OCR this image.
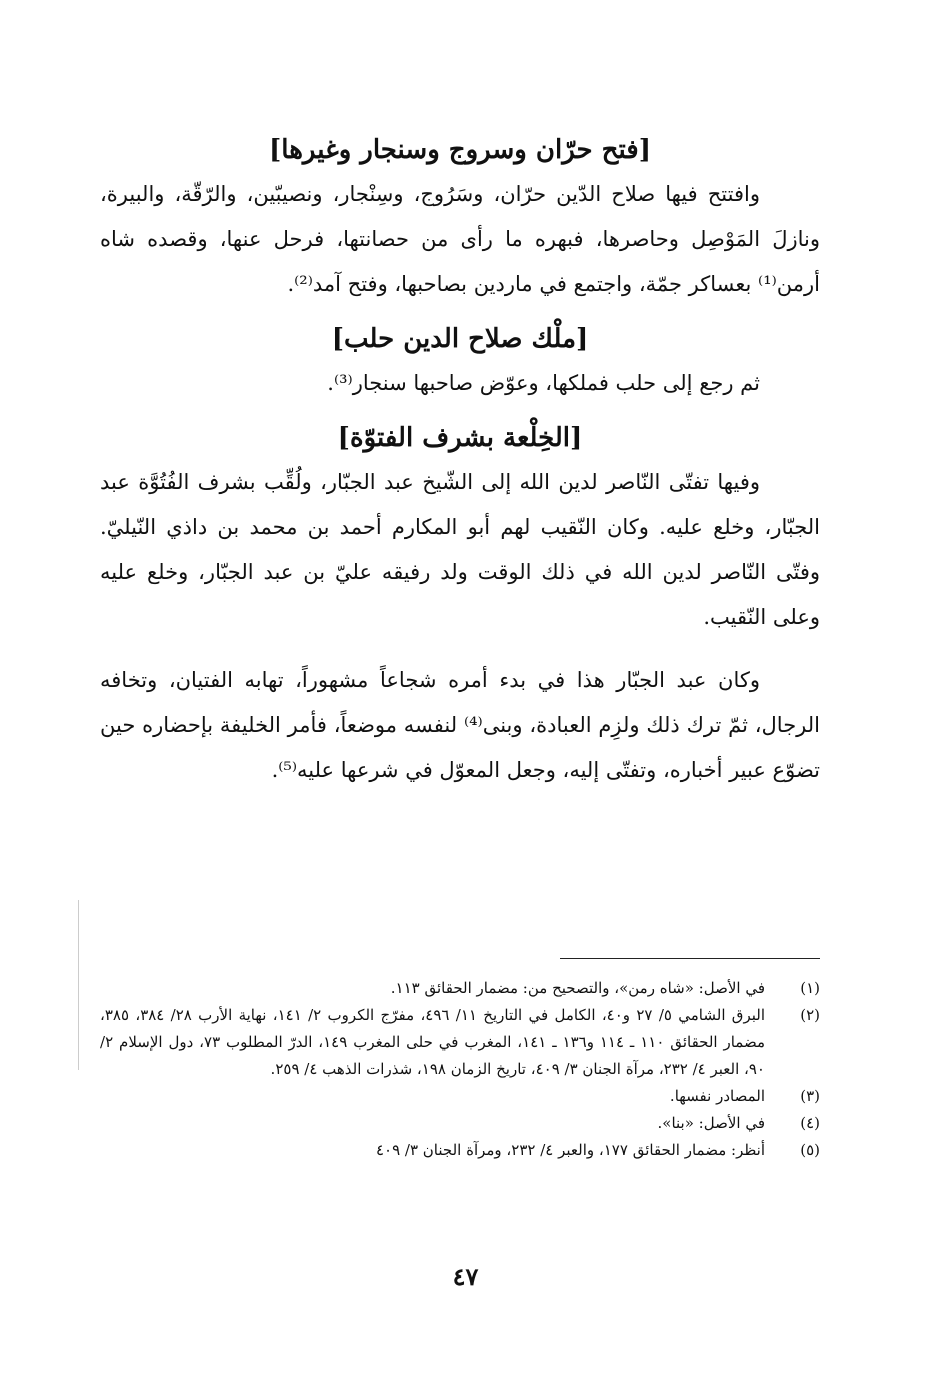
[فتح حرّان وسروج وسنجار وغيرها]

وافتتح فيها صلاح الدّين حرّان، وسَرُوج، وسِنْجار، ونصيبّين، والرّقّة، والبيرة، ونازلَ المَوْصِل وحاصرها، فبهره ما رأى من حصانتها، فرحل عنها، وقصده شاه أرمن⁽¹⁾ بعساكر جمّة، واجتمع في ماردين بصاحبها، وفتح آمد⁽²⁾.

[ملْك صلاح الدين حلب]

ثم رجع إلى حلب فملكها، وعوّض صاحبها سنجار⁽³⁾.

[الخِلْعة بشرف الفتوّة]

وفيها تفتّى النّاصر لدين الله إلى الشّيخ عبد الجبّار، ولُقِّب بشرف الفُتُوَّة عبد الجبّار، وخلع عليه. وكان النّقيب لهم أبو المكارم أحمد بن محمد بن داذي النّيليّ. وفتّى النّاصر لدين الله في ذلك الوقت ولد رفيقه عليّ بن عبد الجبّار، وخلع عليه وعلى النّقيب.

وكان عبد الجبّار هذا في بدء أمره شجاعاً مشهوراً، تهابه الفتيان، وتخافه الرجال، ثمّ ترك ذلك ولزِم العبادة، وبنى⁽⁴⁾ لنفسه موضعاً، فأمر الخليفة بإحضاره حين تضوّع عبير أخباره، وتفتّى إليه، وجعل المعوّل في شرعها عليه⁽⁵⁾.

(١)
في الأصل: «شاه رمن»، والتصحيح من: مضمار الحقائق ١١٣.
(٢)
البرق الشامي ٥/ ٢٧ و٤٠، الكامل في التاريخ ١١/ ٤٩٦، مفرّج الكروب ٢/ ١٤١، نهاية الأرب ٢٨/ ٣٨٤، ٣٨٥، مضمار الحقائق ١١٠ ـ ١١٤ و١٣٦ ـ ١٤١، المغرب في حلى المغرب ١٤٩، الدرّ المطلوب ٧٣، دول الإسلام ٢/ ٩٠، العبر ٤/ ٢٣٢، مرآة الجنان ٣/ ٤٠٩، تاريخ الزمان ١٩٨، شذرات الذهب ٤/ ٢٥٩.
(٣)
المصادر نفسها.
(٤)
في الأصل: «بنا».
(٥)
أنظر: مضمار الحقائق ١٧٧، والعبر ٤/ ٢٣٢، ومرآة الجنان ٣/ ٤٠٩
٤٧
